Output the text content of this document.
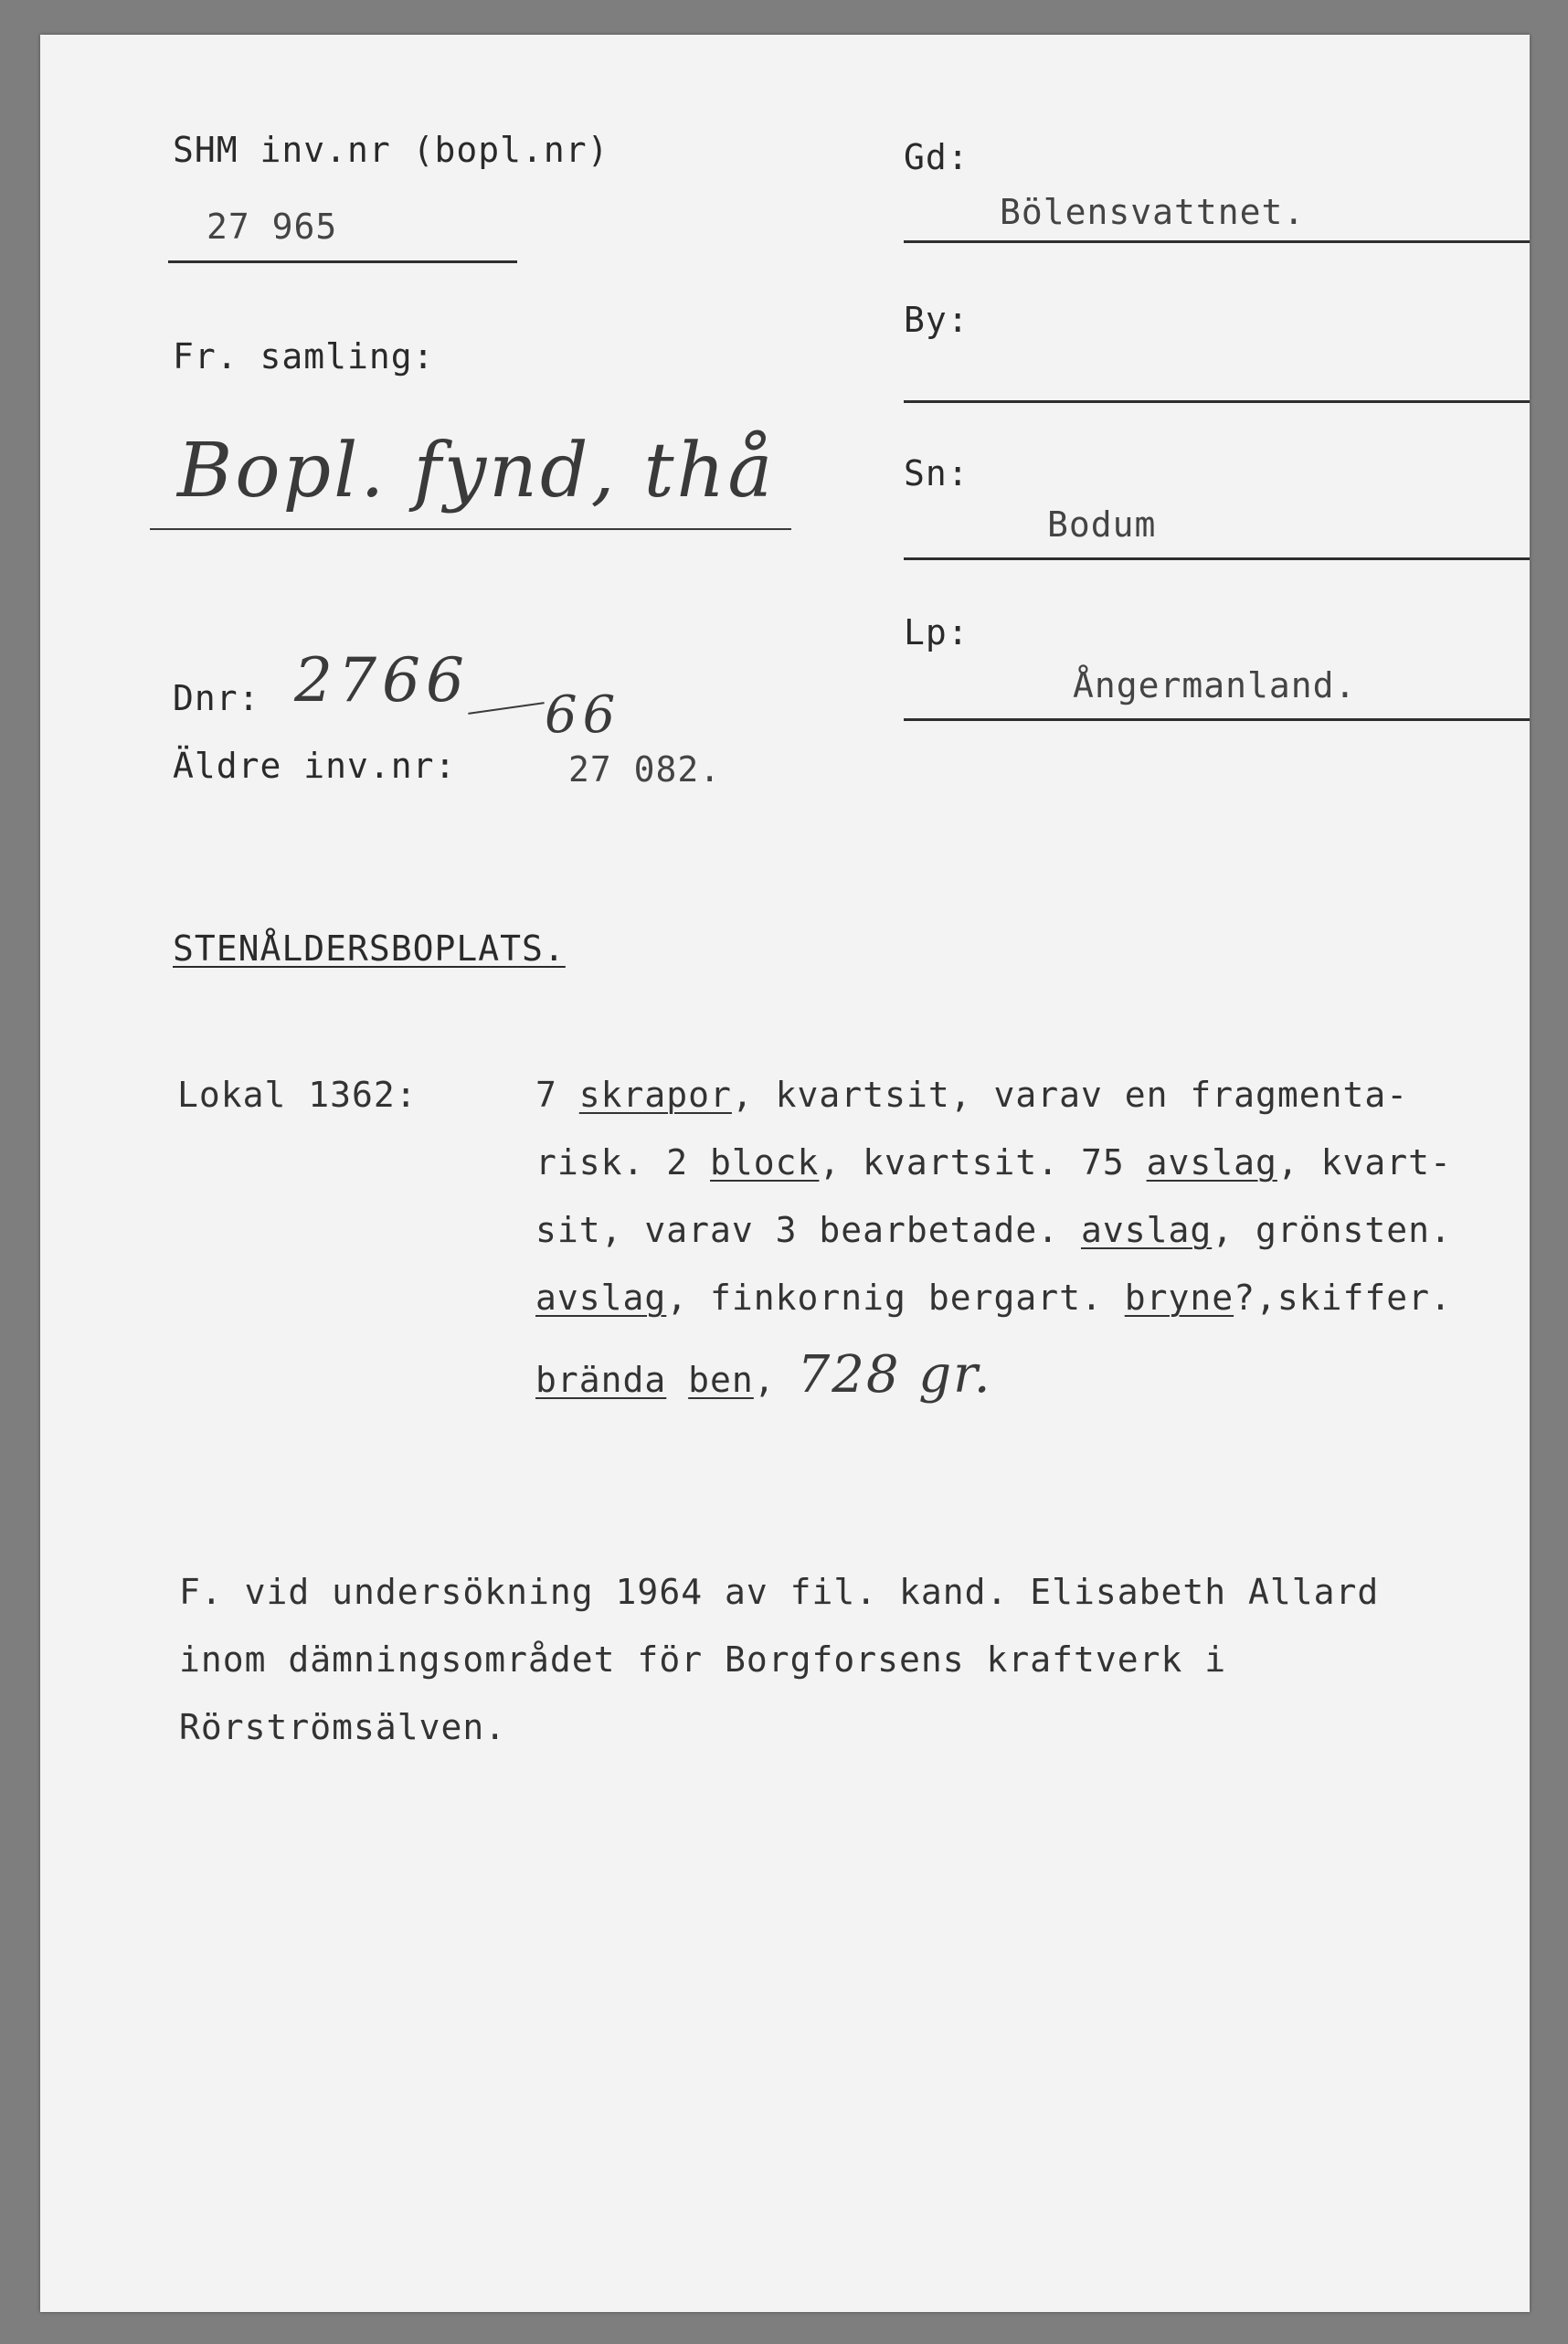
SHM inv.nr (bopl.nr)
27 965
Fr. samling:
Bopl. fynd, thå
Dnr: 2766 66
Äldre inv.nr:	27 082.
Gd:
Bölensvattnet.
By:
Sn:
Bodum
Lp:
Ångermanland.
STENÅLDERSBOPLATS.
Lokal 1362:	7 skrapor, kvartsit, varav en fragmenta-
risk. 2 block, kvartsit. 75 avslag, kvart-
sit, varav 3 bearbetade. avslag, grönsten.
avslag, finkornig bergart. bryne?,skiffer.
brända ben, 728 gr.
F. vid undersökning 1964 av fil. kand. Elisabeth Allard
inom dämningsområdet för Borgforsens kraftverk i
Rörströmsälven.
